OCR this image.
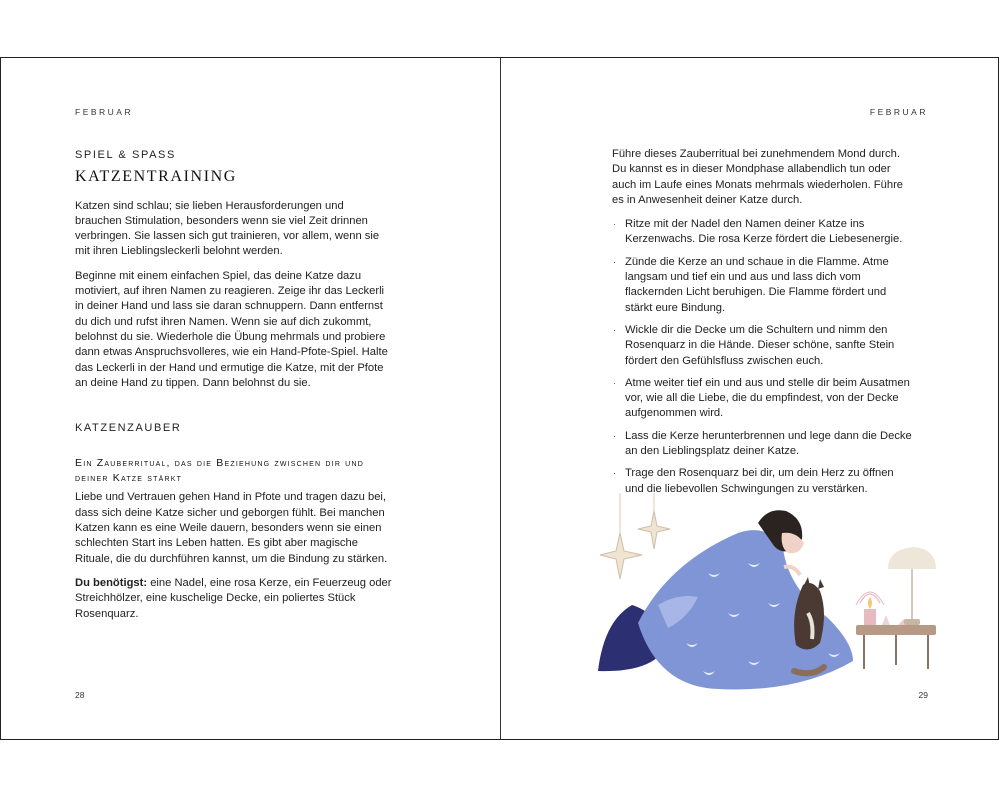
FEBRUAR
SPIEL & SPASS
KATZENTRAINING

Katzen sind schlau; sie lieben Herausforderungen und brauchen Stimulation, besonders wenn sie viel Zeit drinnen verbringen. Sie lassen sich gut trainieren, vor allem, wenn sie mit ihren Lieblingsleckerli belohnt werden.

Beginne mit einem einfachen Spiel, das deine Katze dazu motiviert, auf ihren Namen zu reagieren. Zeige ihr das Leckerli in deiner Hand und lass sie daran schnuppern. Dann entfernst du dich und rufst ihren Namen. Wenn sie auf dich zukommt, belohnst du sie. Wiederhole die Übung mehrmals und probiere dann etwas Anspruchsvolleres, wie ein Hand-Pfote-Spiel. Halte das Leckerli in der Hand und ermutige die Katze, mit der Pfote an deine Hand zu tippen. Dann belohnst du sie.

KATZENZAUBER
Ein Zauberritual, das die Beziehung zwischen dir und deiner Katze stärkt

Liebe und Vertrauen gehen Hand in Pfote und tragen dazu bei, dass sich deine Katze sicher und geborgen fühlt. Bei manchen Katzen kann es eine Weile dauern, besonders wenn sie einen schlechten Start ins Leben hatten. Es gibt aber magische Rituale, die du durchführen kannst, um die Bindung zu stärken.

Du benötigst: eine Nadel, eine rosa Kerze, ein Feuerzeug oder Streichhölzer, eine kuschelige Decke, ein poliertes Stück Rosenquarz.

28
FEBRUAR

Führe dieses Zauberritual bei zunehmendem Mond durch. Du kannst es in dieser Mondphase allabendlich tun oder auch im Laufe eines Monats mehrmals wiederholen. Führe es in Anwesenheit deiner Katze durch.

· Ritze mit der Nadel den Namen deiner Katze ins Kerzenwachs. Die rosa Kerze fördert die Liebesenergie.
· Zünde die Kerze an und schaue in die Flamme. Atme langsam und tief ein und aus und lass dich vom flackernden Licht beruhigen. Die Flamme fördert und stärkt eure Bindung.
· Wickle dir die Decke um die Schultern und nimm den Rosenquarz in die Hände. Dieser schöne, sanfte Stein fördert den Gefühlsfluss zwischen euch.
· Atme weiter tief ein und aus und stelle dir beim Ausatmen vor, wie all die Liebe, die du empfindest, von der Decke aufgenommen wird.
· Lass die Kerze herunterbrennen und lege dann die Decke an den Lieblingsplatz deiner Katze.
· Trage den Rosenquarz bei dir, um dein Herz zu öffnen und die liebevollen Schwingungen zu verstärken.
29
